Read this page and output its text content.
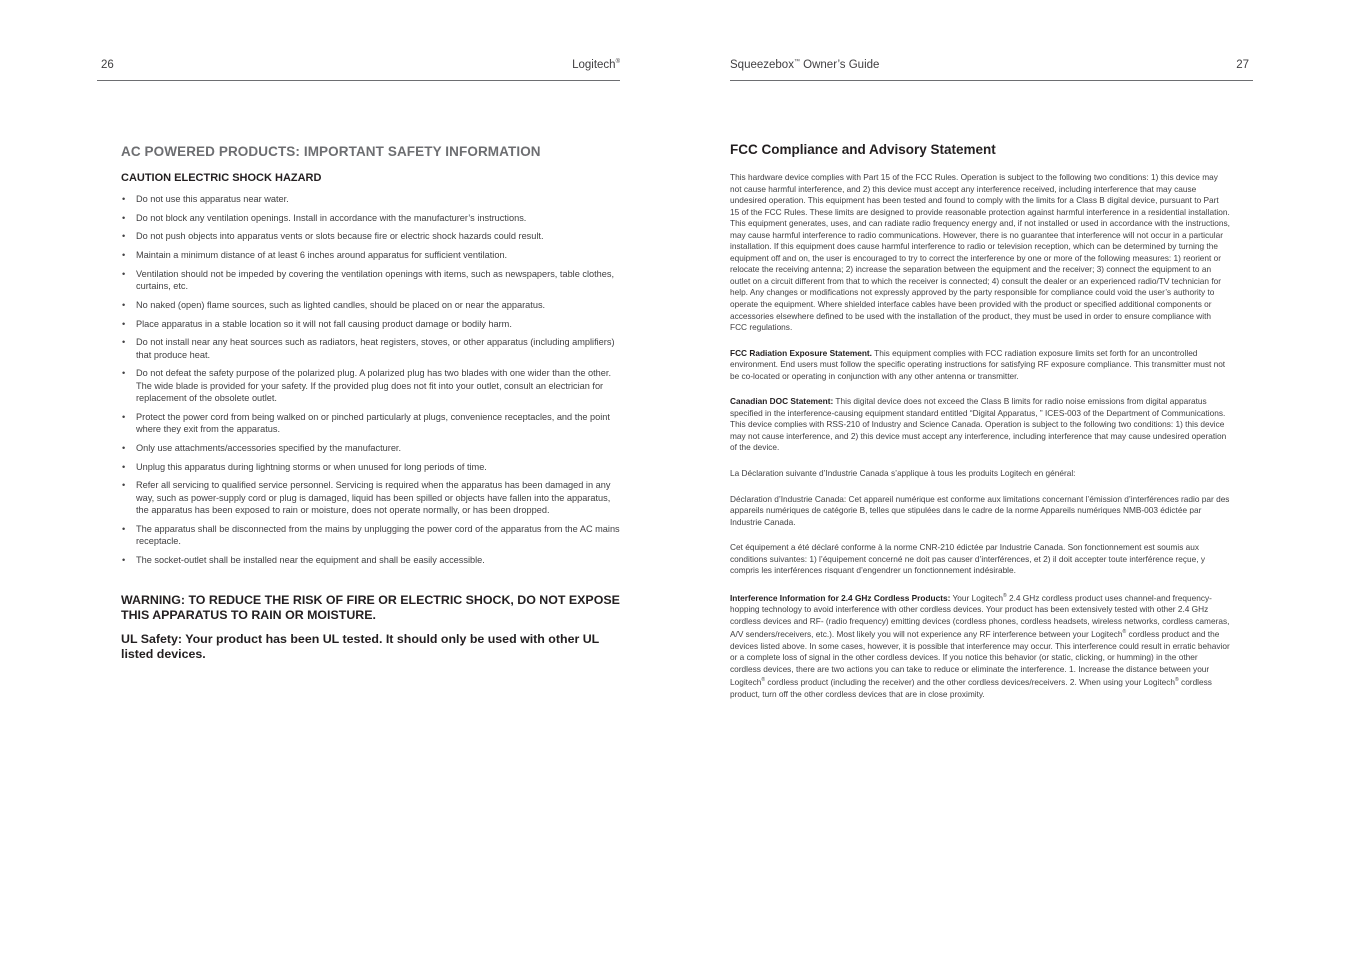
26	Logitech®
AC POWERED PRODUCTS: IMPORTANT SAFETY INFORMATION
CAUTION ELECTRIC SHOCK HAZARD
• Do not use this apparatus near water.
• Do not block any ventilation openings. Install in accordance with the manufacturer’s instructions.
• Do not push objects into apparatus vents or slots because fire or electric shock hazards could result.
• Maintain a minimum distance of at least 6 inches around apparatus for sufficient ventilation.
• Ventilation should not be impeded by covering the ventilation openings with items, such as newspapers, table clothes, curtains, etc.
• No naked (open) flame sources, such as lighted candles, should be placed on or near the apparatus.
• Place apparatus in a stable location so it will not fall causing product damage or bodily harm.
• Do not install near any heat sources such as radiators, heat registers, stoves, or other apparatus (including amplifiers) that produce heat.
• Do not defeat the safety purpose of the polarized plug. A polarized plug has two blades with one wider than the other. The wide blade is provided for your safety. If the provided plug does not fit into your outlet, consult an electrician for replacement of the obsolete outlet.
• Protect the power cord from being walked on or pinched particularly at plugs, convenience receptacles, and the point where they exit from the apparatus.
• Only use attachments/accessories specified by the manufacturer.
• Unplug this apparatus during lightning storms or when unused for long periods of time.
• Refer all servicing to qualified service personnel. Servicing is required when the apparatus has been damaged in any way, such as power-supply cord or plug is damaged, liquid has been spilled or objects have fallen into the apparatus, the apparatus has been exposed to rain or moisture, does not operate normally, or has been dropped.
• The apparatus shall be disconnected from the mains by unplugging the power cord of the apparatus from the AC mains receptacle.
• The socket-outlet shall be installed near the equipment and shall be easily accessible.
WARNING: TO REDUCE THE RISK OF FIRE OR ELECTRIC SHOCK, DO NOT EXPOSE THIS APPARATUS TO RAIN OR MOISTURE.
UL Safety: Your product has been UL tested. It should only be used with other UL listed devices.
Squeezebox™ Owner’s Guide	27
FCC Compliance and Advisory Statement

This hardware device complies with Part 15 of the FCC Rules. Operation is subject to the following two conditions: 1) this device may not cause harmful interference, and 2) this device must accept any interference received, including interference that may cause undesired operation. This equipment has been tested and found to comply with the limits for a Class B digital device, pursuant to Part 15 of the FCC Rules. These limits are designed to provide reasonable protection against harmful interference in a residential installation. This equipment generates, uses, and can radiate radio frequency energy and, if not installed or used in accordance with the instructions, may cause harmful interference to radio communications. However, there is no guarantee that interference will not occur in a particular installation. If this equipment does cause harmful interference to radio or television reception, which can be determined by turning the equipment off and on, the user is encouraged to try to correct the interference by one or more of the following measures: 1) reorient or relocate the receiving antenna; 2) increase the separation between the equipment and the receiver; 3) connect the equipment to an outlet on a circuit different from that to which the receiver is connected; 4) consult the dealer or an experienced radio/TV technician for help. Any changes or modifications not expressly approved by the party responsible for compliance could void the user’s authority to operate the equipment. Where shielded interface cables have been provided with the product or specified additional components or accessories elsewhere defined to be used with the installation of the product, they must be used in order to ensure compliance with FCC regulations.

FCC Radiation Exposure Statement. This equipment complies with FCC radiation exposure limits set forth for an uncontrolled environment. End users must follow the specific operating instructions for satisfying RF exposure compliance. This transmitter must not be co-located or operating in conjunction with any other antenna or transmitter.

Canadian DOC Statement: This digital device does not exceed the Class B limits for radio noise emissions from digital apparatus specified in the interference-causing equipment standard entitled “Digital Apparatus, ” ICES-003 of the Department of Communications. This device complies with RSS-210 of Industry and Science Canada. Operation is subject to the following two conditions: 1) this device may not cause interference, and 2) this device must accept any interference, including interference that may cause undesired operation of the device.

La Déclaration suivante d’Industrie Canada s’applique à tous les produits Logitech en général:

Déclaration d’Industrie Canada: Cet appareil numérique est conforme aux limitations concernant l’émission d’interférences radio par des appareils numériques de catégorie B, telles que stipulées dans le cadre de la norme Appareils numériques NMB-003 édictée par Industrie Canada.

Cet équipement a été déclaré conforme à la norme CNR-210 édictée par Industrie Canada. Son fonctionnement est soumis aux conditions suivantes: 1) l’équipement concerné ne doit pas causer d’interférences, et 2) il doit accepter toute interférence reçue, y compris les interférences risquant d’engendrer un fonctionnement indésirable.

Interference Information for 2.4 GHz Cordless Products: Your Logitech® 2.4 GHz cordless product uses channel-and frequency-hopping technology to avoid interference with other cordless devices. Your product has been extensively tested with other 2.4 GHz cordless devices and RF- (radio frequency) emitting devices (cordless phones, cordless headsets, wireless networks, cordless cameras, A/V senders/receivers, etc.). Most likely you will not experience any RF interference between your Logitech® cordless product and the devices listed above. In some cases, however, it is possible that interference may occur. This interference could result in erratic behavior or a complete loss of signal in the other cordless devices. If you notice this behavior (or static, clicking, or humming) in the other cordless devices, there are two actions you can take to reduce or eliminate the interference. 1. Increase the distance between your Logitech® cordless product (including the receiver) and the other cordless devices/receivers. 2. When using your Logitech® cordless product, turn off the other cordless devices that are in close proximity.
